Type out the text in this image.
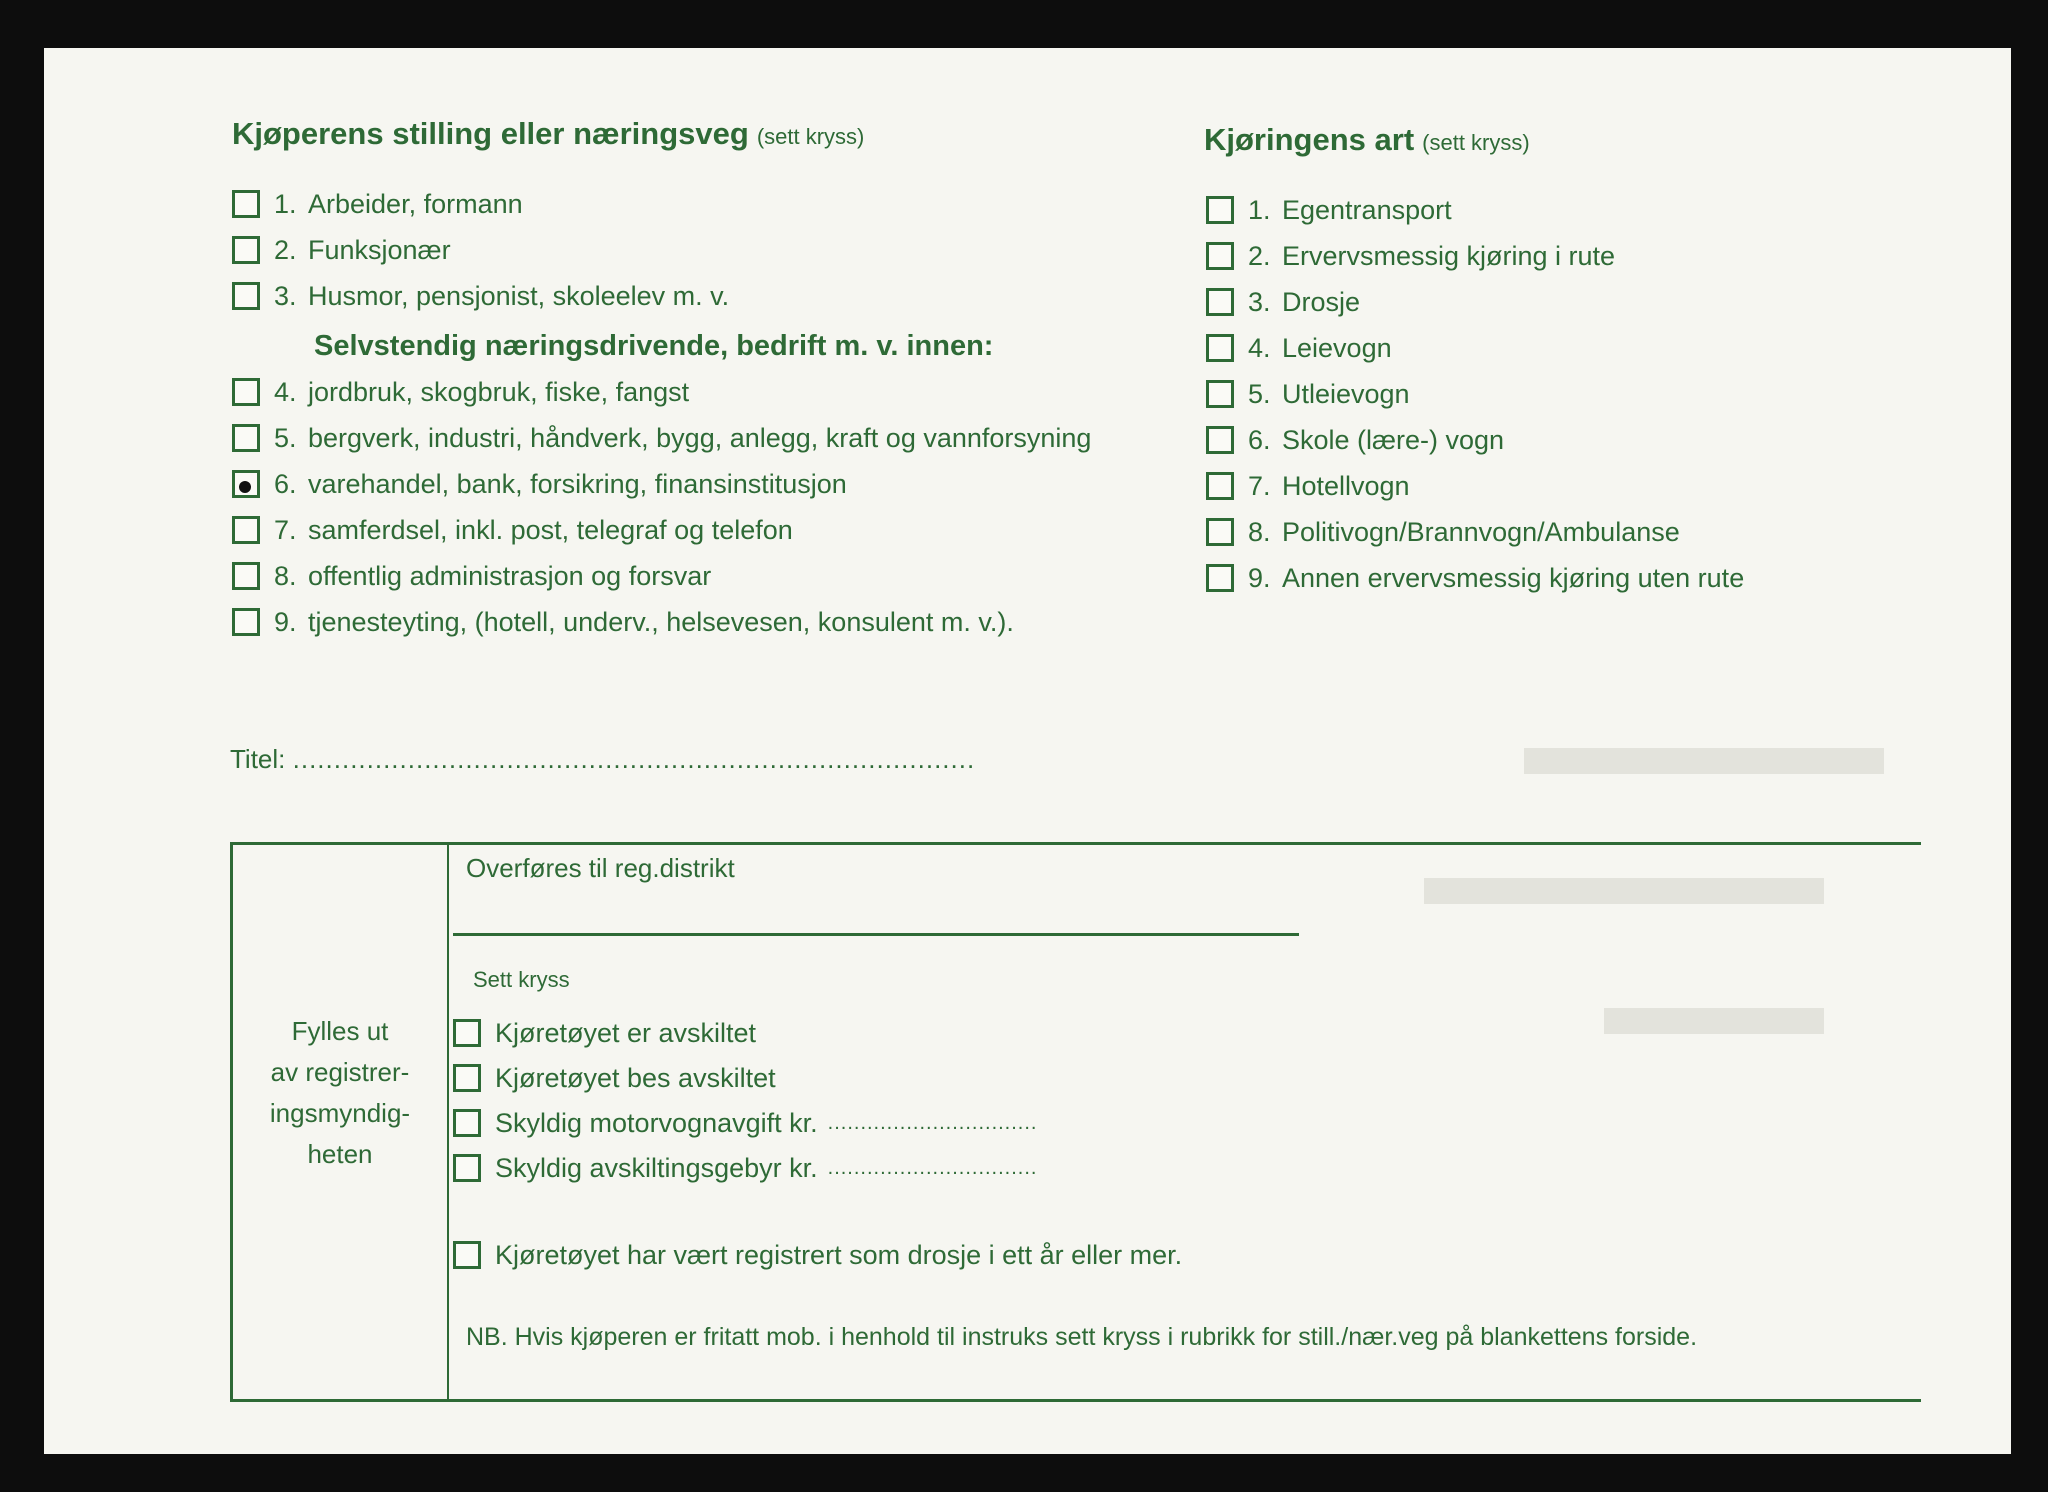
Kjøperens stilling eller næringsveg (sett kryss)
1. Arbeider, formann
2. Funksjonær
3. Husmor, pensjonist, skoleelev m. v.
Selvstendig næringsdrivende, bedrift m. v. innen:
4. jordbruk, skogbruk, fiske, fangst
5. bergverk, industri, håndverk, bygg, anlegg, kraft og vannforsyning
6. varehandel, bank, forsikring, finansinstitusjon
7. samferdsel, inkl. post, telegraf og telefon
8. offentlig administrasjon og forsvar
9. tjenesteyting, (hotell, underv., helsevesen, konsulent m. v.).
Kjøringens art (sett kryss)
1. Egentransport
2. Ervervsmessig kjøring i rute
3. Drosje
4. Leievogn
5. Utleievogn
6. Skole (lære-) vogn
7. Hotellvogn
8. Politivogn/Brannvogn/Ambulanse
9. Annen ervervsmessig kjøring uten rute
Titel: ...................................................................................
Fylles ut
av registrer-
ingsmyndig-
heten
Overføres til reg.distrikt
Sett kryss
Kjøretøyet er avskiltet
Kjøretøyet bes avskiltet
Skyldig motorvognavgift kr. ................................
Skyldig avskiltingsgebyr kr. ................................
Kjøretøyet har vært registrert som drosje i ett år eller mer.
NB. Hvis kjøperen er fritatt mob. i henhold til instruks sett kryss i rubrikk for still./nær.veg på blankettens forside.
